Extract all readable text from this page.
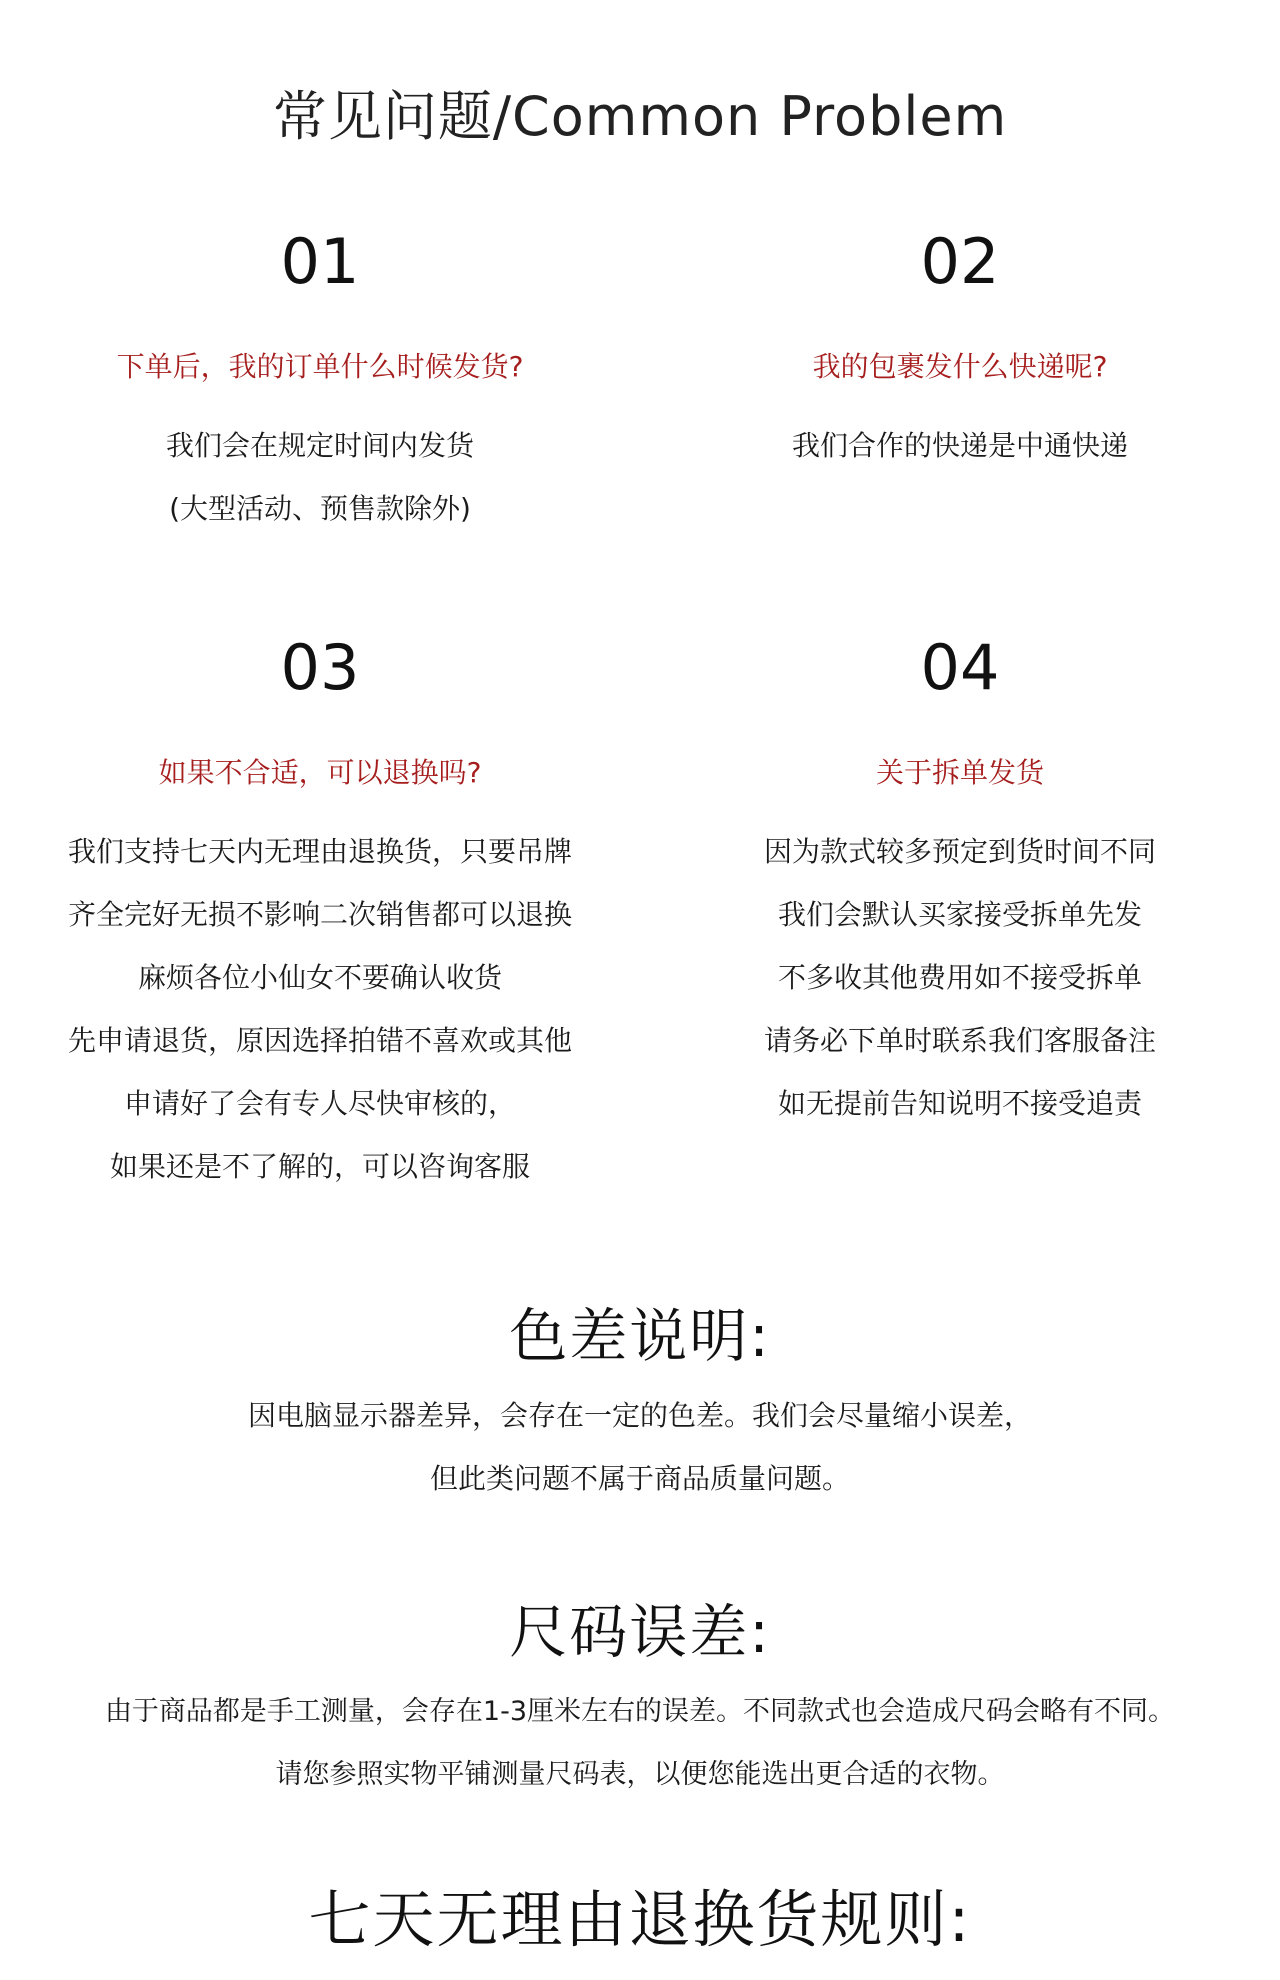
常见问题/Common Problem
01
下单后，我的订单什么时候发货?
我们会在规定时间内发货
(大型活动、预售款除外)
02
我的包裹发什么快递呢?
我们合作的快递是中通快递
03
如果不合适，可以退换吗?
我们支持七天内无理由退换货，只要吊牌
齐全完好无损不影响二次销售都可以退换
麻烦各位小仙女不要确认收货
先申请退货，原因选择拍错不喜欢或其他
申请好了会有专人尽快审核的，
如果还是不了解的，可以咨询客服
04
关于拆单发货
因为款式较多预定到货时间不同
我们会默认买家接受拆单先发
不多收其他费用如不接受拆单
请务必下单时联系我们客服备注
如无提前告知说明不接受追责
色差说明:
因电脑显示器差异，会存在一定的色差。我们会尽量缩小误差，
但此类问题不属于商品质量问题。
尺码误差:
由于商品都是手工测量，会存在1-3厘米左右的误差。不同款式也会造成尺码会略有不同。
请您参照实物平铺测量尺码表，以便您能选出更合适的衣物。
七天无理由退换货规则:
